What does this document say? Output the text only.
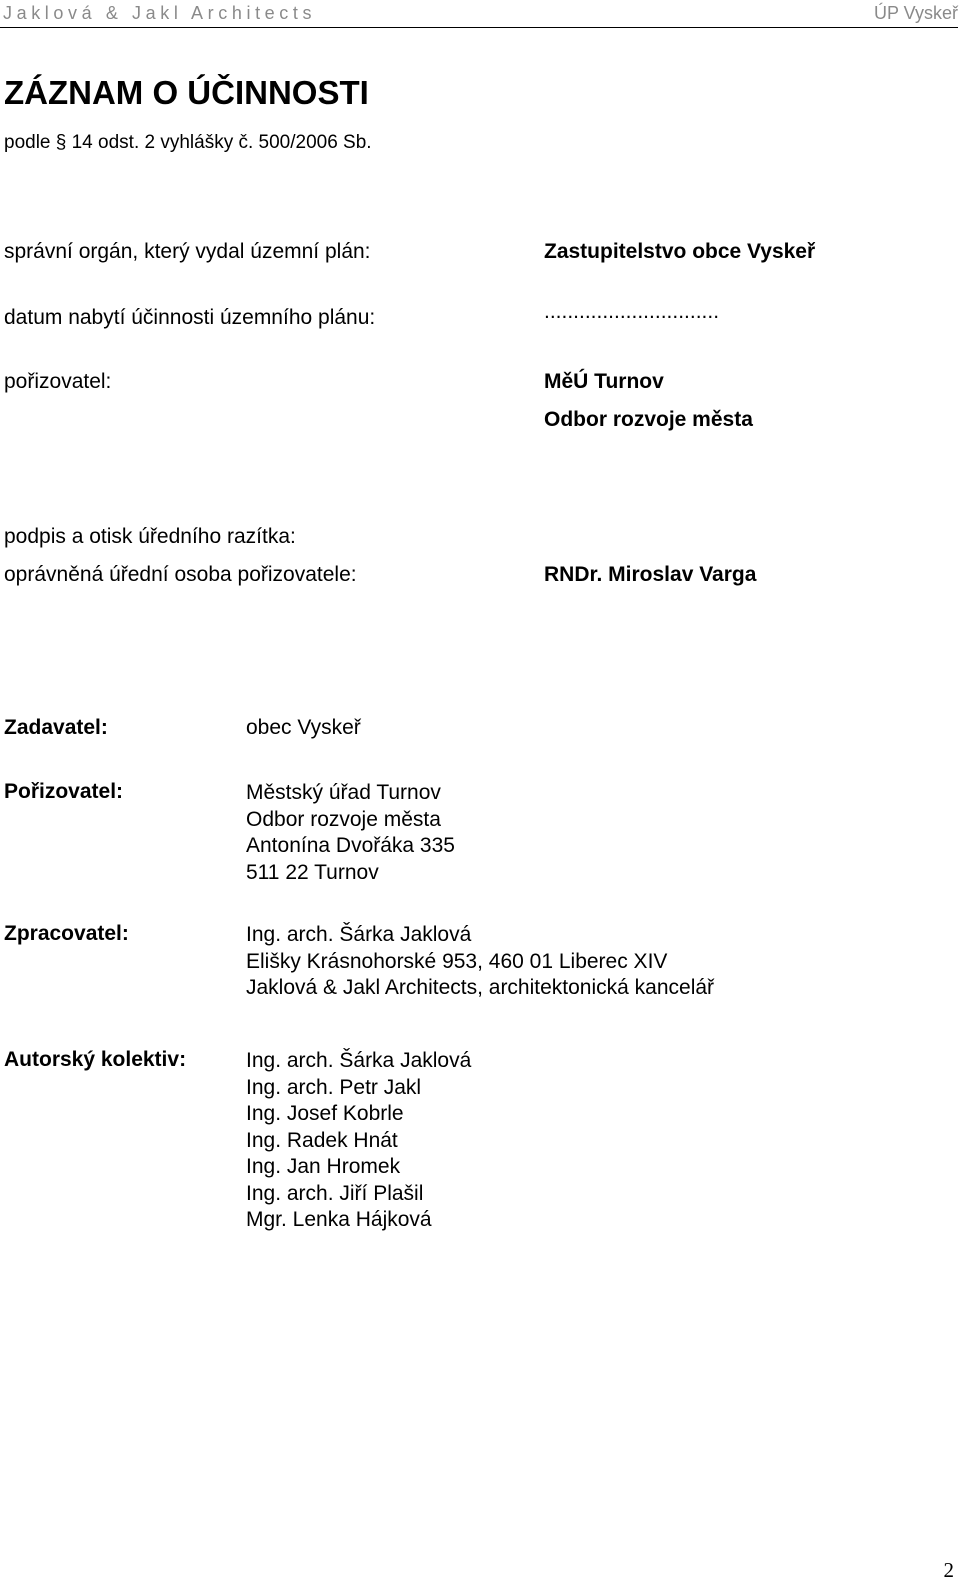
Jaklová & Jakl Architects	ÚP Vyskeř
ZÁZNAM O ÚČINNOSTI
podle § 14 odst. 2 vyhlášky č. 500/2006 Sb.
správní orgán, který vydal územní plán:	Zastupitelstvo obce Vyskeř
datum nabytí účinnosti územního plánu:	..............................
pořizovatel:	MěÚ Turnov
Odbor rozvoje města
podpis a otisk úředního razítka:
oprávněná úřední osoba pořizovatele:	RNDr. Miroslav Varga
Zadavatel:	obec Vyskeř
Pořizovatel:	Městský úřad Turnov
Odbor rozvoje města
Antonína Dvořáka 335
511 22 Turnov
Zpracovatel:	Ing. arch. Šárka Jaklová
Elišky Krásnohorské 953, 460 01 Liberec XIV
Jaklová & Jakl Architects, architektonická kancelář
Autorský kolektiv:	Ing. arch. Šárka Jaklová
Ing. arch. Petr Jakl
Ing. Josef Kobrle
Ing. Radek Hnát
Ing. Jan Hromek
Ing. arch. Jiří Plašil
Mgr. Lenka Hájková
2
